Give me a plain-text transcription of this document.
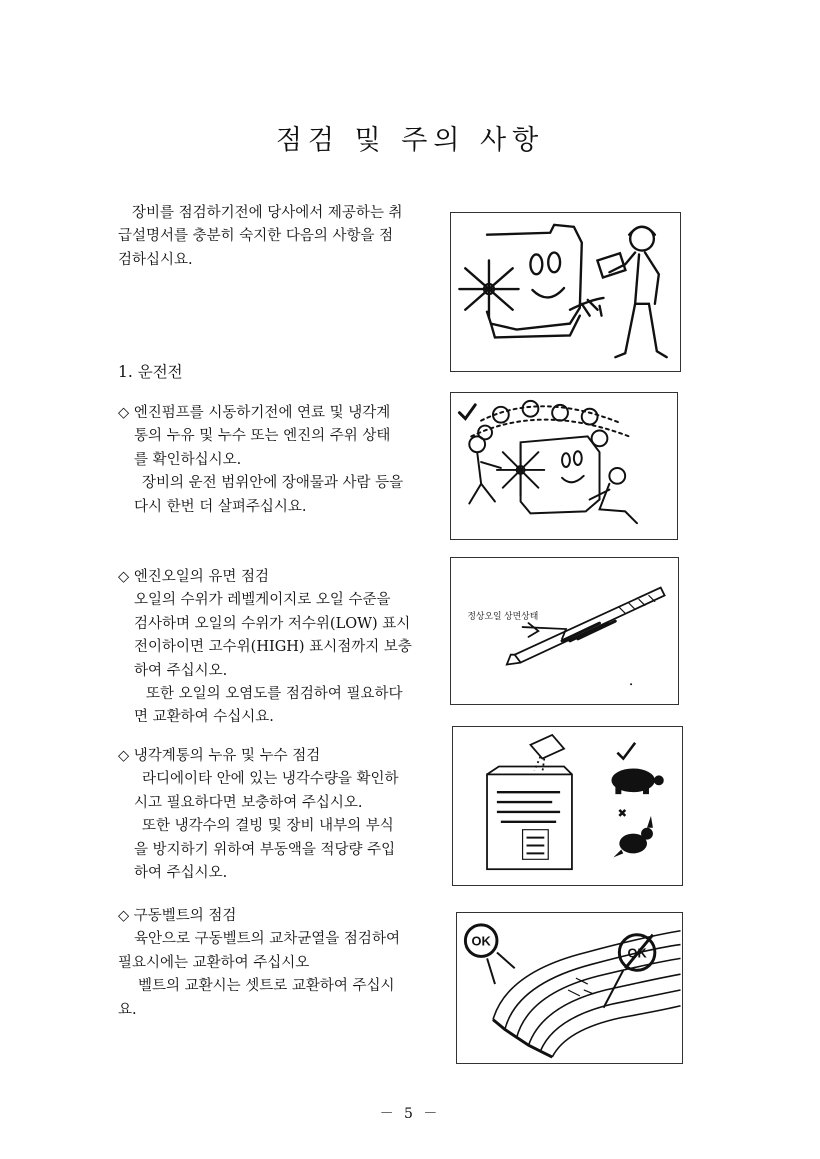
점검 및 주의 사항
장비를 점검하기전에 당사에서 제공하는 취
급설명서를 충분히 숙지한 다음의 사항을 점
검하십시요.
1. 운전전
◇ 엔진펌프를 시동하기전에 연료 및 냉각계
통의 누유 및 누수 또는 엔진의 주위 상태
를 확인하십시오.
장비의 운전 범위안에 장애물과 사람 등을
다시 한번 더 살펴주십시요.
◇ 엔진오일의 유면 점검
오일의 수위가 레벨게이지로 오일 수준을
검사하며 오일의 수위가 저수위(LOW) 표시
전이하이면 고수위(HIGH) 표시점까지 보충
하여 주십시오.
또한 오일의 오염도를 점검하여 필요하다
면 교환하여 수십시요.
정상오일 상면상태
◇ 냉각계통의 누유 및 누수 점검
라디에이타 안에 있는 냉각수량을 확인하
시고 필요하다면 보충하여 주십시오.
또한 냉각수의 결빙 및 장비 내부의 부식
을 방지하기 위하여 부동액을 적당량 주입
하여 주십시오.
◇ 구동벨트의 점검
육안으로 구동벨트의 교차균열을 점검하여
필요시에는 교환하여 주십시오
벨트의 교환시는 셋트로 교환하여 주십시
요.
OK
OK
－ 5 －
